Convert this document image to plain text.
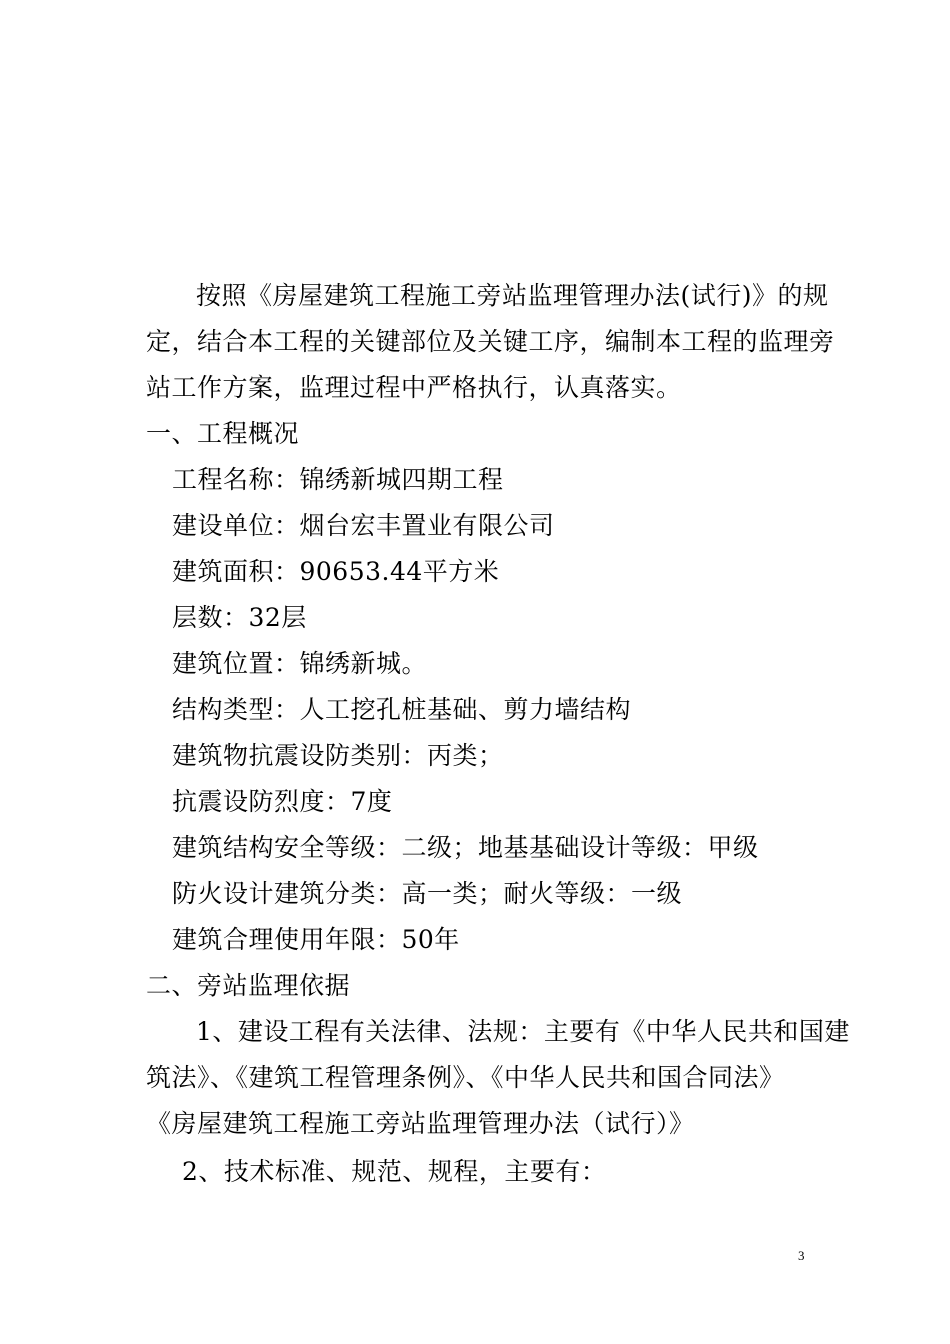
按照《房屋建筑工程施工旁站监理管理办法(试行)》的规
定，结合本工程的关键部位及关键工序，编制本工程的监理旁
站工作方案，监理过程中严格执行，认真落实。
一、工程概况
工程名称：锦绣新城四期工程
建设单位：烟台宏丰置业有限公司
建筑面积：90653.44平方米
层数：32层
建筑位置：锦绣新城。
结构类型：人工挖孔桩基础、剪力墙结构
建筑物抗震设防类别：丙类；
抗震设防烈度：7度
建筑结构安全等级：二级；地基基础设计等级：甲级
防火设计建筑分类：高一类；耐火等级：一级
建筑合理使用年限：50年
二、旁站监理依据
1、建设工程有关法律、法规：主要有《中华人民共和国建
筑法》、《建筑工程管理条例》、《中华人民共和国合同法》
《房屋建筑工程施工旁站监理管理办法（试行）》
2、技术标准、规范、规程，主要有：
3
